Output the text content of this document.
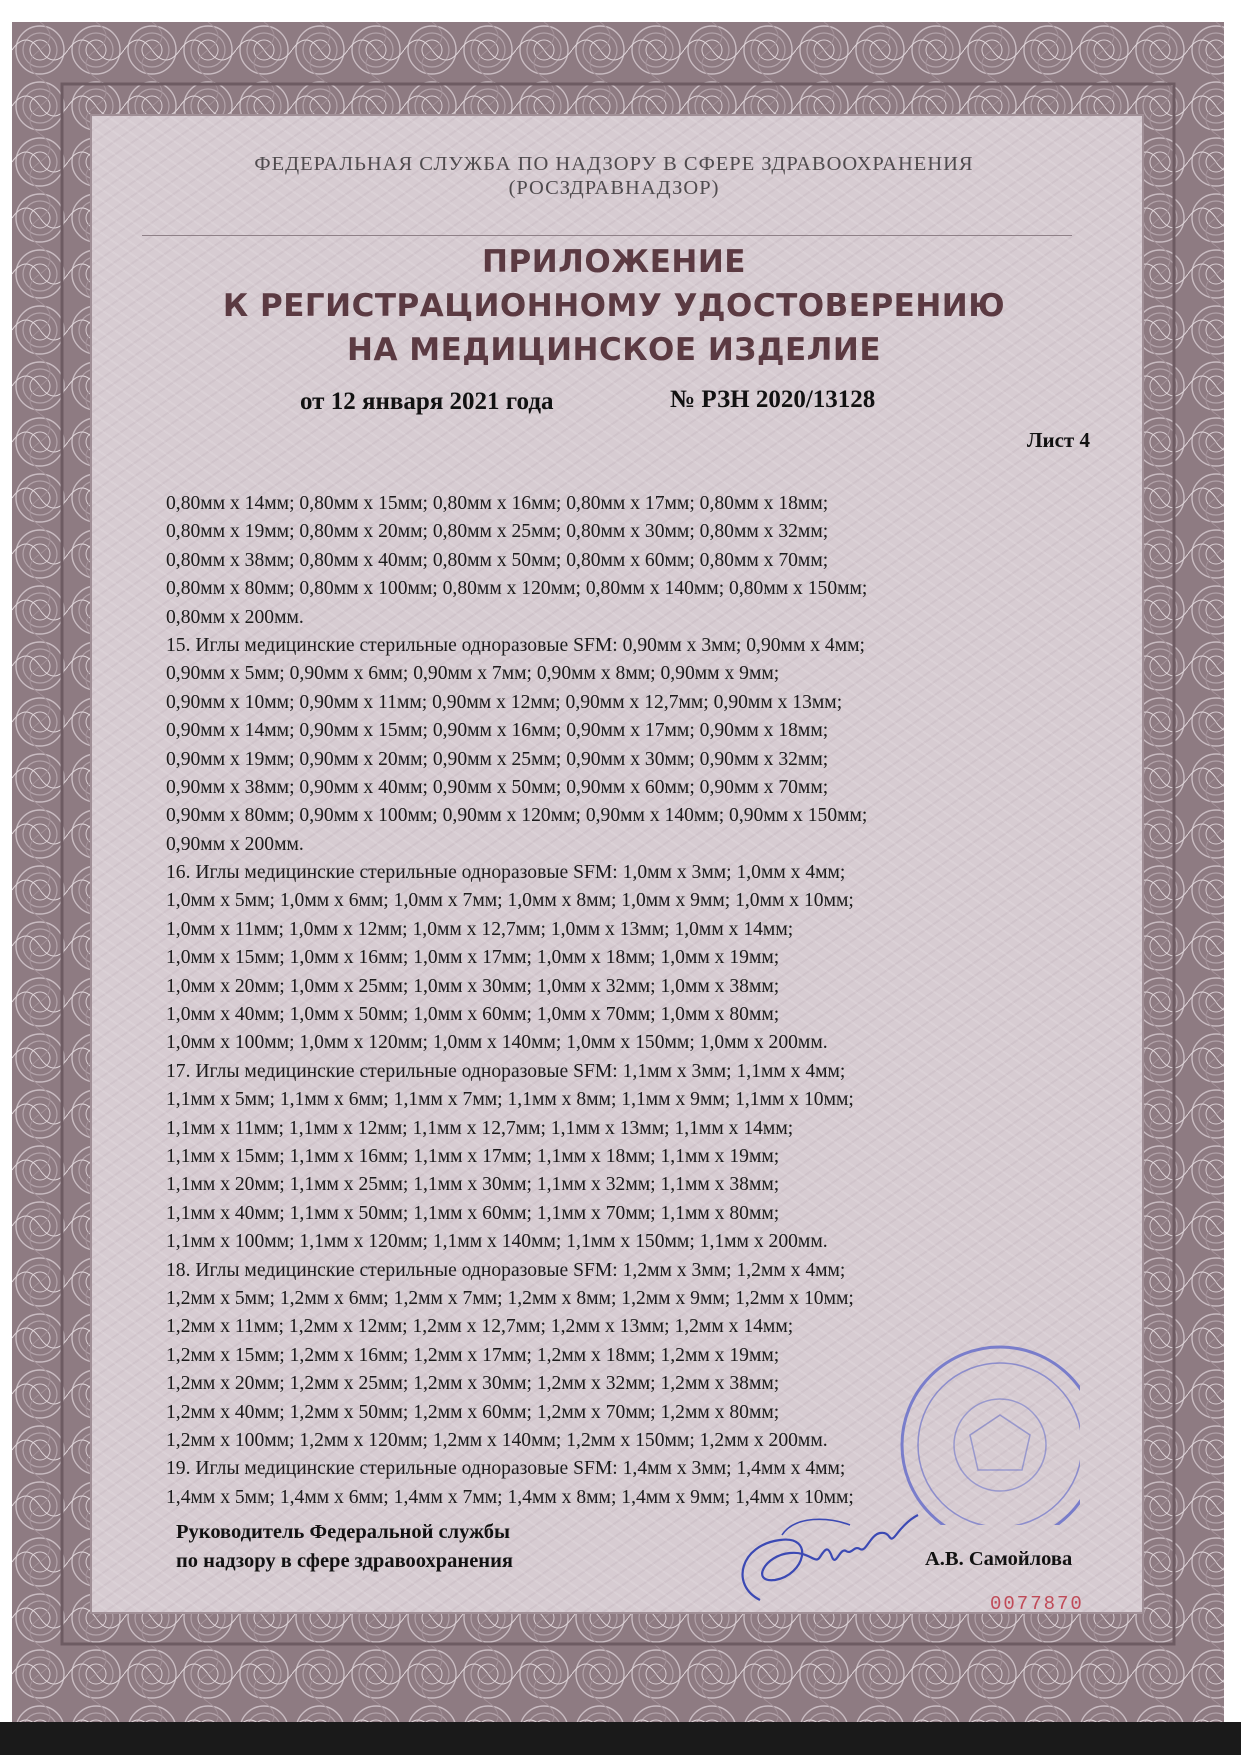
ФЕДЕРАЛЬНАЯ СЛУЖБА ПО НАДЗОРУ В СФЕРЕ ЗДРАВООХРАНЕНИЯ
(РОСЗДРАВНАДЗОР)
ПРИЛОЖЕНИЕ
К РЕГИСТРАЦИОННОМУ УДОСТОВЕРЕНИЮ
НА МЕДИЦИНСКОЕ ИЗДЕЛИЕ
от 12 января 2021 года	№ РЗН 2020/13128
Лист 4
0,80мм x 14мм; 0,80мм x 15мм; 0,80мм x 16мм; 0,80мм x 17мм; 0,80мм x 18мм;
0,80мм x 19мм; 0,80мм x 20мм; 0,80мм x 25мм; 0,80мм x 30мм; 0,80мм x 32мм;
0,80мм x 38мм; 0,80мм x 40мм; 0,80мм x 50мм; 0,80мм x 60мм; 0,80мм x 70мм;
0,80мм x 80мм; 0,80мм x 100мм; 0,80мм x 120мм; 0,80мм x 140мм; 0,80мм x 150мм;
0,80мм x 200мм.
15. Иглы медицинские стерильные одноразовые SFM: 0,90мм x 3мм; 0,90мм x 4мм;
0,90мм x 5мм; 0,90мм x 6мм; 0,90мм x 7мм; 0,90мм x 8мм; 0,90мм x 9мм;
0,90мм x 10мм; 0,90мм x 11мм; 0,90мм x 12мм; 0,90мм x 12,7мм; 0,90мм x 13мм;
0,90мм x 14мм; 0,90мм x 15мм; 0,90мм x 16мм; 0,90мм x 17мм; 0,90мм x 18мм;
0,90мм x 19мм; 0,90мм x 20мм; 0,90мм x 25мм; 0,90мм x 30мм; 0,90мм x 32мм;
0,90мм x 38мм; 0,90мм x 40мм; 0,90мм x 50мм; 0,90мм x 60мм; 0,90мм x 70мм;
0,90мм x 80мм; 0,90мм x 100мм; 0,90мм x 120мм; 0,90мм x 140мм; 0,90мм x 150мм;
0,90мм x 200мм.
16. Иглы медицинские стерильные одноразовые SFM: 1,0мм x 3мм; 1,0мм x 4мм;
1,0мм x 5мм; 1,0мм x 6мм; 1,0мм x 7мм; 1,0мм x 8мм; 1,0мм x 9мм; 1,0мм x 10мм;
1,0мм x 11мм; 1,0мм x 12мм; 1,0мм x 12,7мм; 1,0мм x 13мм; 1,0мм x 14мм;
1,0мм x 15мм; 1,0мм x 16мм; 1,0мм x 17мм; 1,0мм x 18мм; 1,0мм x 19мм;
1,0мм x 20мм; 1,0мм x 25мм; 1,0мм x 30мм; 1,0мм x 32мм; 1,0мм x 38мм;
1,0мм x 40мм; 1,0мм x 50мм; 1,0мм x 60мм; 1,0мм x 70мм; 1,0мм x 80мм;
1,0мм x 100мм; 1,0мм x 120мм; 1,0мм x 140мм; 1,0мм x 150мм; 1,0мм x 200мм.
17. Иглы медицинские стерильные одноразовые SFM: 1,1мм x 3мм; 1,1мм x 4мм;
1,1мм x 5мм; 1,1мм x 6мм; 1,1мм x 7мм; 1,1мм x 8мм; 1,1мм x 9мм; 1,1мм x 10мм;
1,1мм x 11мм; 1,1мм x 12мм; 1,1мм x 12,7мм; 1,1мм x 13мм; 1,1мм x 14мм;
1,1мм x 15мм; 1,1мм x 16мм; 1,1мм x 17мм; 1,1мм x 18мм; 1,1мм x 19мм;
1,1мм x 20мм; 1,1мм x 25мм; 1,1мм x 30мм; 1,1мм x 32мм; 1,1мм x 38мм;
1,1мм x 40мм; 1,1мм x 50мм; 1,1мм x 60мм; 1,1мм x 70мм; 1,1мм x 80мм;
1,1мм x 100мм; 1,1мм x 120мм; 1,1мм x 140мм; 1,1мм x 150мм; 1,1мм x 200мм.
18. Иглы медицинские стерильные одноразовые SFM: 1,2мм x 3мм; 1,2мм x 4мм;
1,2мм x 5мм; 1,2мм x 6мм; 1,2мм x 7мм; 1,2мм x 8мм; 1,2мм x 9мм; 1,2мм x 10мм;
1,2мм x 11мм; 1,2мм x 12мм; 1,2мм x 12,7мм; 1,2мм x 13мм; 1,2мм x 14мм;
1,2мм x 15мм; 1,2мм x 16мм; 1,2мм x 17мм; 1,2мм x 18мм; 1,2мм x 19мм;
1,2мм x 20мм; 1,2мм x 25мм; 1,2мм x 30мм; 1,2мм x 32мм; 1,2мм x 38мм;
1,2мм x 40мм; 1,2мм x 50мм; 1,2мм x 60мм; 1,2мм x 70мм; 1,2мм x 80мм;
1,2мм x 100мм; 1,2мм x 120мм; 1,2мм x 140мм; 1,2мм x 150мм; 1,2мм x 200мм.
19. Иглы медицинские стерильные одноразовые SFM: 1,4мм x 3мм; 1,4мм x 4мм;
1,4мм x 5мм; 1,4мм x 6мм; 1,4мм x 7мм; 1,4мм x 8мм; 1,4мм x 9мм; 1,4мм x 10мм;
Руководитель Федеральной службы
по надзору в сфере здравоохранения	А.В. Самойлова
0077870
